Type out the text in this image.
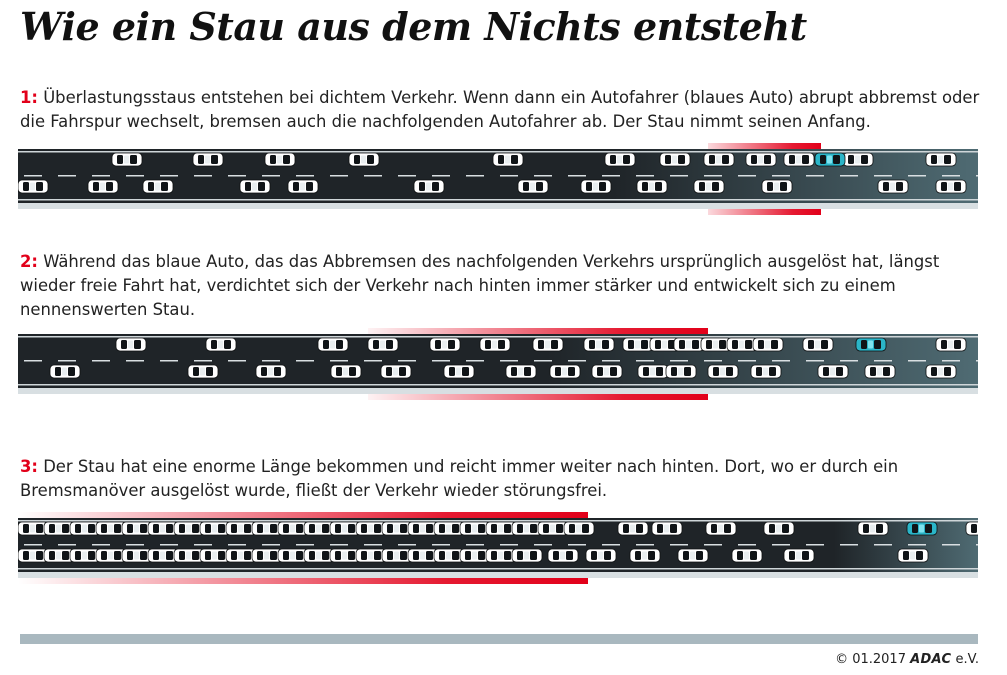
Wie ein Stau aus dem Nichts entsteht

1: Überlastungsstaus entstehen bei dichtem Verkehr. Wenn dann ein Autofahrer (blaues Auto) abrupt abbremst oder die Fahrspur wechselt, bremsen auch die nachfolgenden Autofahrer ab. Der Stau nimmt seinen Anfang.

2: Während das blaue Auto, das das Abbremsen des nachfolgenden Verkehrs ursprünglich ausgelöst hat, längst wieder freie Fahrt hat, verdichtet sich der Verkehr nach hinten immer stärker und entwickelt sich zu einem nennenswerten Stau.

3: Der Stau hat eine enorme Länge bekommen und reicht immer weiter nach hinten. Dort, wo er durch ein Bremsmanöver ausgelöst wurde, fließt der Verkehr wieder störungsfrei.

© 01.2017 ADAC e.V.
